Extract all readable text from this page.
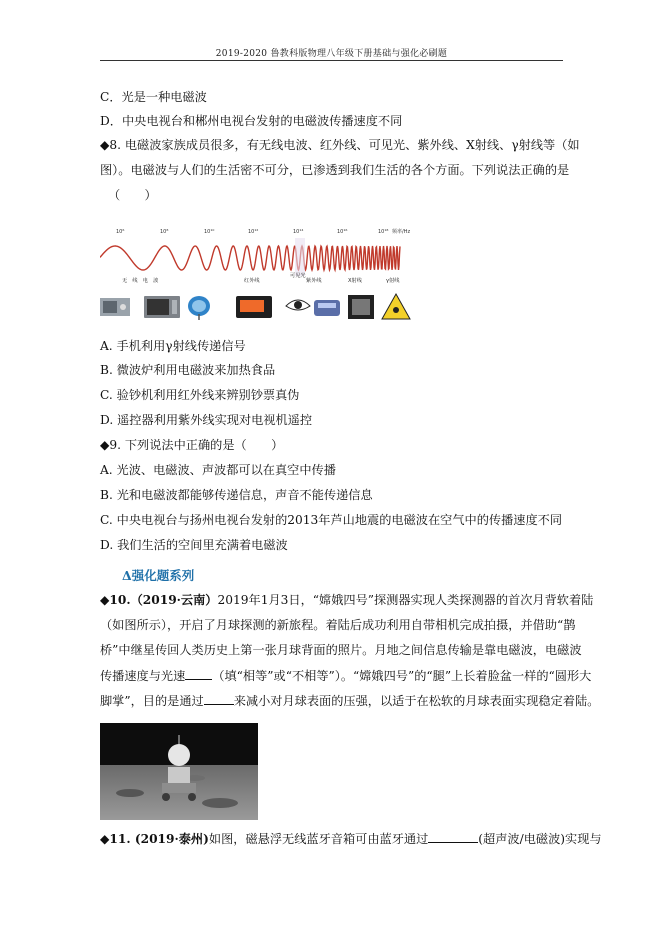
2019-2020 鲁教科版物理八年级下册基础与强化必刷题
C．光是一种电磁波
D．中央电视台和郴州电视台发射的电磁波传播速度不同
◆8. 电磁波家族成员很多，有无线电波、红外线、可见光、紫外线、X射线、γ射线等（如
图）。电磁波与人们的生活密不可分，已渗透到我们生活的各个方面。下列说法正确的是
（　　）
10⁶	10⁸	10¹⁰	10¹²	10¹⁴	10¹⁶	10¹⁸ 频率/Hz
无　线　电　波	红外线
可见光
紫外线	X射线	γ射线
A. 手机利用γ射线传递信号
B. 微波炉利用电磁波来加热食品
C. 验钞机利用红外线来辨别钞票真伪
D. 遥控器利用紫外线实现对电视机遥控
◆9. 下列说法中正确的是（　　）
A. 光波、电磁波、声波都可以在真空中传播
B. 光和电磁波都能够传递信息，声音不能传递信息
C. 中央电视台与扬州电视台发射的2013年芦山地震的电磁波在空气中的传播速度不同
D. 我们生活的空间里充满着电磁波
Δ强化题系列
◆10.（2019·云南）2019年1月3日，“嫦娥四号”探测器实现人类探测器的首次月背软着陆
（如图所示），开启了月球探测的新旅程。着陆后成功利用自带相机完成拍摄，并借助“鹊
桥”中继星传回人类历史上第一张月球背面的照片。月地之间信息传输是靠电磁波，电磁波
传播速度与光速 （填“相等”或“不相等”）。“嫦娥四号”的“腿”上长着脸盆一样的“圆形大
脚掌”，目的是通过 来减小对月球表面的压强，以适于在松软的月球表面实现稳定着陆。
◆11. (2019·泰州)如图，磁悬浮无线蓝牙音箱可由蓝牙通过	(超声波/电磁波)实现与
